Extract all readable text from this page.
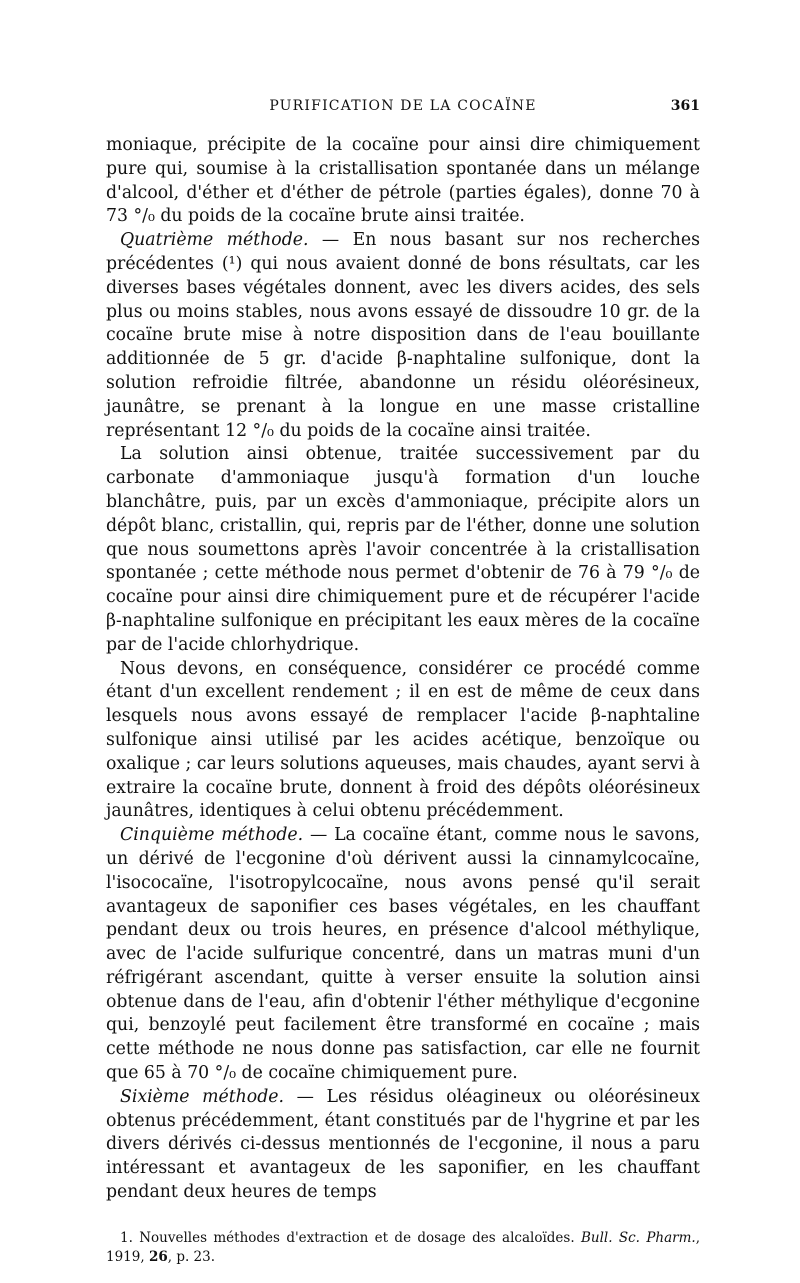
PURIFICATION DE LA COCAÏNE	361

moniaque, précipite de la cocaïne pour ainsi dire chimiquement pure qui, soumise à la cristallisation spontanée dans un mélange d'alcool, d'éther et d'éther de pétrole (parties égales), donne 70 à 73 °/₀ du poids de la cocaïne brute ainsi traitée.

Quatrième méthode. — En nous basant sur nos recherches précédentes (¹) qui nous avaient donné de bons résultats, car les diverses bases végétales donnent, avec les divers acides, des sels plus ou moins stables, nous avons essayé de dissoudre 10 gr. de la cocaïne brute mise à notre disposition dans de l'eau bouillante additionnée de 5 gr. d'acide β-naphtaline sulfonique, dont la solution refroidie filtrée, abandonne un résidu oléorésineux, jaunâtre, se prenant à la longue en une masse cristalline représentant 12 °/₀ du poids de la cocaïne ainsi traitée.

La solution ainsi obtenue, traitée successivement par du carbonate d'ammoniaque jusqu'à formation d'un louche blanchâtre, puis, par un excès d'ammoniaque, précipite alors un dépôt blanc, cristallin, qui, repris par de l'éther, donne une solution que nous soumettons après l'avoir concentrée à la cristallisation spontanée ; cette méthode nous permet d'obtenir de 76 à 79 °/₀ de cocaïne pour ainsi dire chimiquement pure et de récupérer l'acide β-naphtaline sulfonique en précipitant les eaux mères de la cocaïne par de l'acide chlorhydrique.

Nous devons, en conséquence, considérer ce procédé comme étant d'un excellent rendement ; il en est de même de ceux dans lesquels nous avons essayé de remplacer l'acide β-naphtaline sulfonique ainsi utilisé par les acides acétique, benzoïque ou oxalique ; car leurs solutions aqueuses, mais chaudes, ayant servi à extraire la cocaïne brute, donnent à froid des dépôts oléorésineux jaunâtres, identiques à celui obtenu précédemment.

Cinquième méthode. — La cocaïne étant, comme nous le savons, un dérivé de l'ecgonine d'où dérivent aussi la cinnamylcocaïne, l'isococaïne, l'isotropylcocaïne, nous avons pensé qu'il serait avantageux de saponifier ces bases végétales, en les chauffant pendant deux ou trois heures, en présence d'alcool méthylique, avec de l'acide sulfurique concentré, dans un matras muni d'un réfrigérant ascendant, quitte à verser ensuite la solution ainsi obtenue dans de l'eau, afin d'obtenir l'éther méthylique d'ecgonine qui, benzoylé peut facilement être transformé en cocaïne ; mais cette méthode ne nous donne pas satisfaction, car elle ne fournit que 65 à 70 °/₀ de cocaïne chimiquement pure.

Sixième méthode. — Les résidus oléagineux ou oléorésineux obtenus précédemment, étant constitués par de l'hygrine et par les divers dérivés ci-dessus mentionnés de l'ecgonine, il nous a paru intéressant et avantageux de les saponifier, en les chauffant pendant deux heures de temps

1. Nouvelles méthodes d'extraction et de dosage des alcaloïdes. Bull. Sc. Pharm., 1919, 26, p. 23.
